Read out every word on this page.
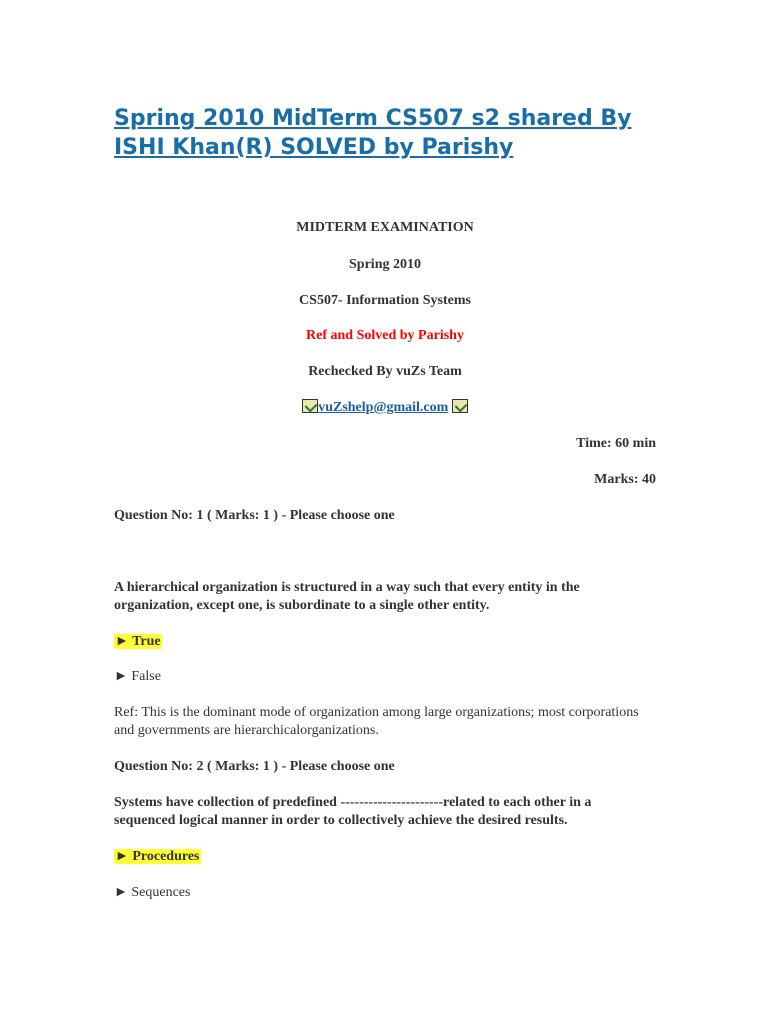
Spring 2010 MidTerm CS507 s2 shared By ISHI Khan(R) SOLVED by Parishy
MIDTERM EXAMINATION
Spring 2010
CS507- Information Systems
Ref and Solved by Parishy
Rechecked By vuZs Team
vuZshelp@gmail.com
Time: 60 min
Marks: 40
Question No: 1 ( Marks: 1 ) - Please choose one
A hierarchical organization is structured in a way such that every entity in the organization, except one, is subordinate to a single other entity.
► True
► False
Ref: This is the dominant mode of organization among large organizations; most corporations and governments are hierarchicalorganizations.
Question No: 2 ( Marks: 1 ) - Please choose one
Systems have collection of predefined ----------------------related to each other in a sequenced logical manner in order to collectively achieve the desired results.
► Procedures
► Sequences
